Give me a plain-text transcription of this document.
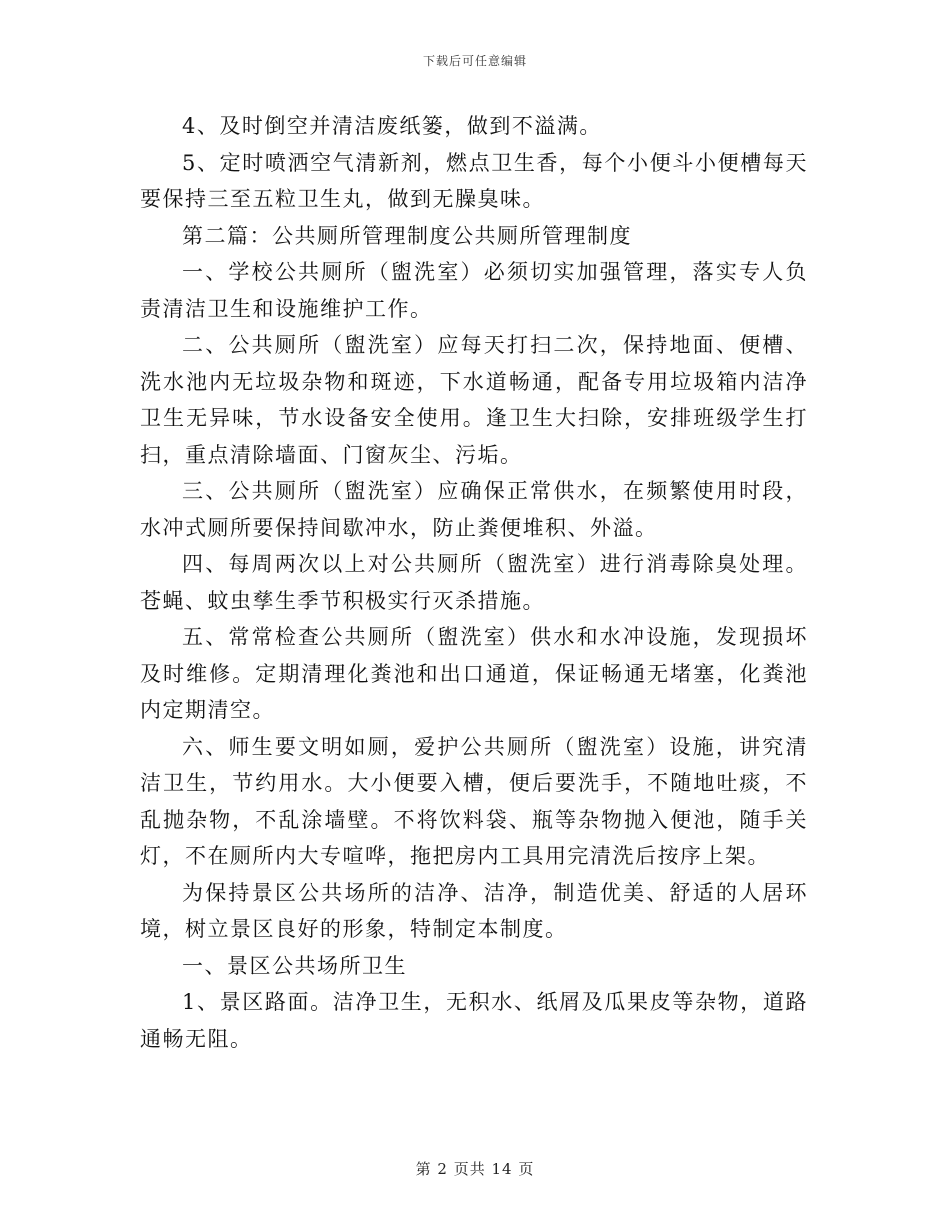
下载后可任意编辑

4、及时倒空并清洁废纸篓，做到不溢满。

5、定时喷洒空气清新剂，燃点卫生香，每个小便斗小便槽每天要保持三至五粒卫生丸，做到无臊臭味。

第二篇：公共厕所管理制度公共厕所管理制度

一、学校公共厕所（盥洗室）必须切实加强管理，落实专人负责清洁卫生和设施维护工作。

二、公共厕所（盥洗室）应每天打扫二次，保持地面、便槽、洗水池内无垃圾杂物和斑迹，下水道畅通，配备专用垃圾箱内洁净卫生无异味，节水设备安全使用。逢卫生大扫除，安排班级学生打扫，重点清除墙面、门窗灰尘、污垢。

三、公共厕所（盥洗室）应确保正常供水，在频繁使用时段，水冲式厕所要保持间歇冲水，防止粪便堆积、外溢。

四、每周两次以上对公共厕所（盥洗室）进行消毒除臭处理。苍蝇、蚊虫孳生季节积极实行灭杀措施。

五、常常检查公共厕所（盥洗室）供水和水冲设施，发现损坏及时维修。定期清理化粪池和出口通道，保证畅通无堵塞，化粪池内定期清空。

六、师生要文明如厕，爱护公共厕所（盥洗室）设施，讲究清洁卫生，节约用水。大小便要入槽，便后要洗手，不随地吐痰，不乱抛杂物，不乱涂墙壁。不将饮料袋、瓶等杂物抛入便池，随手关灯，不在厕所内大专喧哗，拖把房内工具用完清洗后按序上架。

为保持景区公共场所的洁净、洁净，制造优美、舒适的人居环境，树立景区良好的形象，特制定本制度。

一、景区公共场所卫生

1、景区路面。洁净卫生，无积水、纸屑及瓜果皮等杂物，道路通畅无阻。

第 2 页共 14 页
